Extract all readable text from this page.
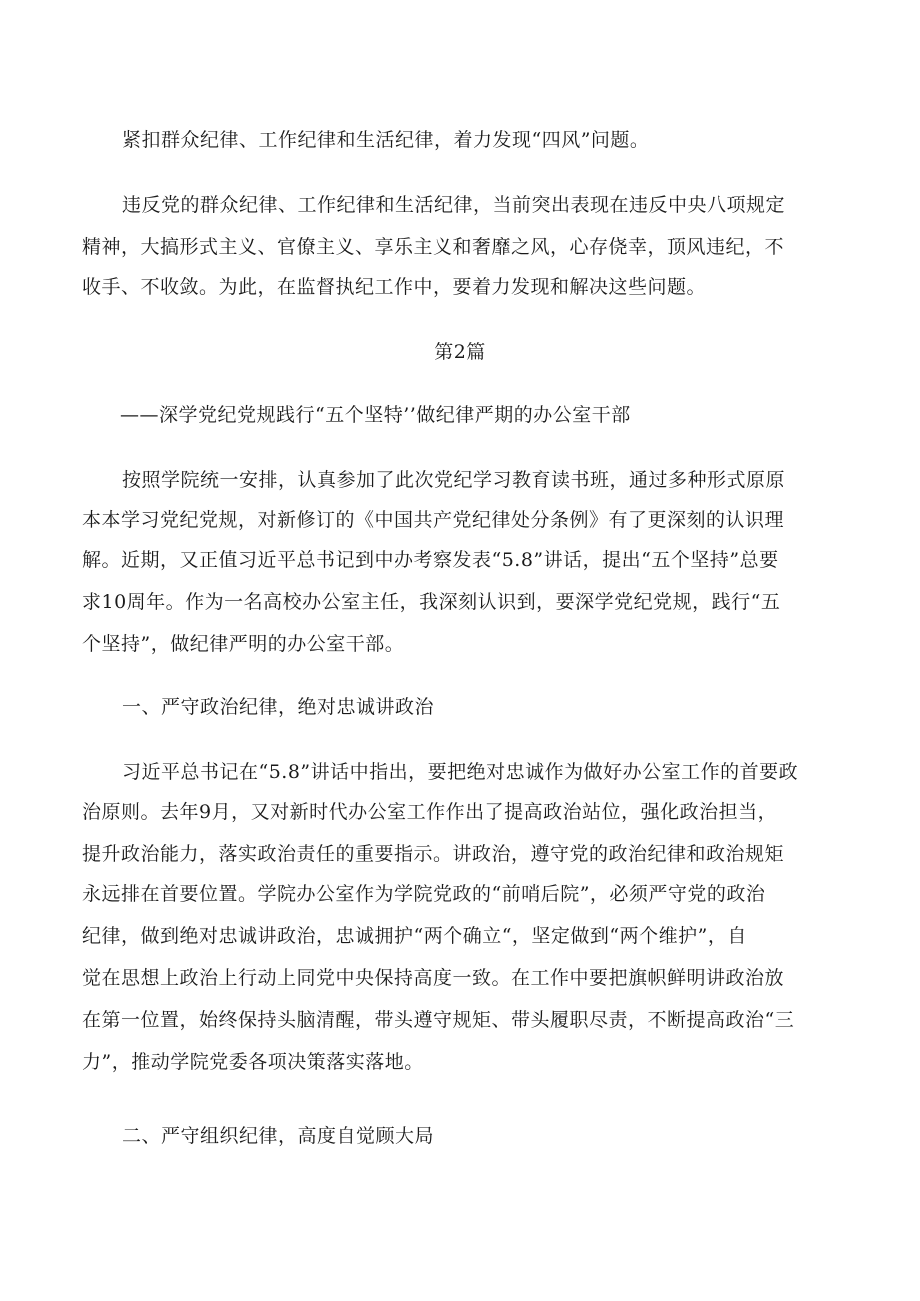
紧扣群众纪律、工作纪律和生活纪律，着力发现“四风”问题。
违反党的群众纪律、工作纪律和生活纪律，当前突出表现在违反中央八项规定
精神，大搞形式主义、官僚主义、享乐主义和奢靡之风，心存侥幸，顶风违纪，不
收手、不收敛。为此，在监督执纪工作中，要着力发现和解决这些问题。
第2篇
——深学党纪党规践行“五个坚特’’做纪律严期的办公室干部
按照学院统一安排，认真参加了此次党纪学习教育读书班，通过多种形式原原
本本学习党纪党规，对新修订的《中国共产党纪律处分条例》有了更深刻的认识理
解。近期，又正值习近平总书记到中办考察发表“5.8”讲话，提出“五个坚持”总要
求10周年。作为一名高校办公室主任，我深刻认识到，要深学党纪党规，践行“五
个坚持”，做纪律严明的办公室干部。
一、严守政治纪律，绝对忠诚讲政治
习近平总书记在“5.8”讲话中指出，要把绝对忠诚作为做好办公室工作的首要政
治原则。去年9月，又对新时代办公室工作作出了提高政治站位，强化政治担当，
提升政治能力，落实政治责任的重要指示。讲政治，遵守党的政治纪律和政治规矩
永远排在首要位置。学院办公室作为学院党政的“前哨后院”，必须严守党的政治
纪律，做到绝对忠诚讲政治，忠诚拥护“两个确立“，坚定做到“两个维护”，自
觉在思想上政治上行动上同党中央保持高度一致。在工作中要把旗帜鲜明讲政治放
在第一位置，始终保持头脑清醒，带头遵守规矩、带头履职尽责，不断提高政治“三
力”，推动学院党委各项决策落实落地。
二、严守组织纪律，高度自觉顾大局
